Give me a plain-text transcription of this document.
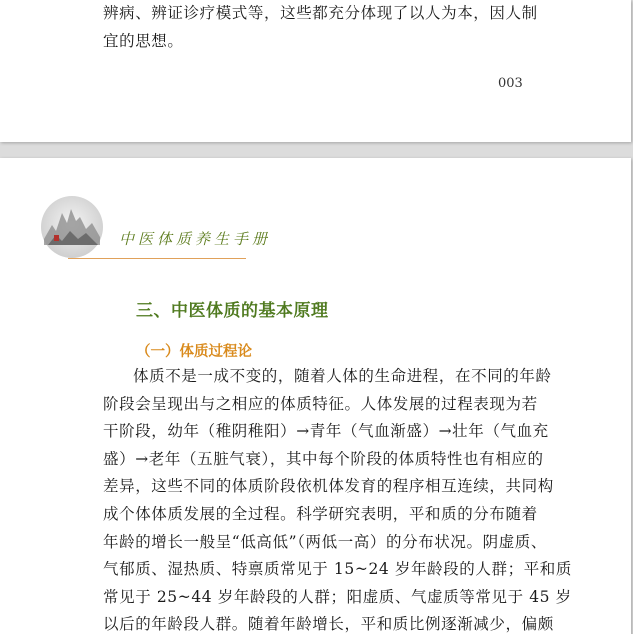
辨病、辨证诊疗模式等，这些都充分体现了以人为本，因人制
宜的思想。
003
中医体质养生手册
三、中医体质的基本原理
（一）体质过程论
体质不是一成不变的，随着人体的生命进程，在不同的年龄
阶段会呈现出与之相应的体质特征。人体发展的过程表现为若
干阶段，幼年（稚阴稚阳）→青年（气血渐盛）→壮年（气血充
盛）→老年（五脏气衰），其中每个阶段的体质特性也有相应的
差异，这些不同的体质阶段依机体发育的程序相互连续，共同构
成个体体质发展的全过程。科学研究表明，平和质的分布随着
年龄的增长一般呈“低高低”（两低一高）的分布状况。阴虚质、
气郁质、湿热质、特禀质常见于 15~24 岁年龄段的人群；平和质
常见于 25~44 岁年龄段的人群；阳虚质、气虚质等常见于 45 岁
以后的年龄段人群。随着年龄增长，平和质比例逐渐减少，偏颇
